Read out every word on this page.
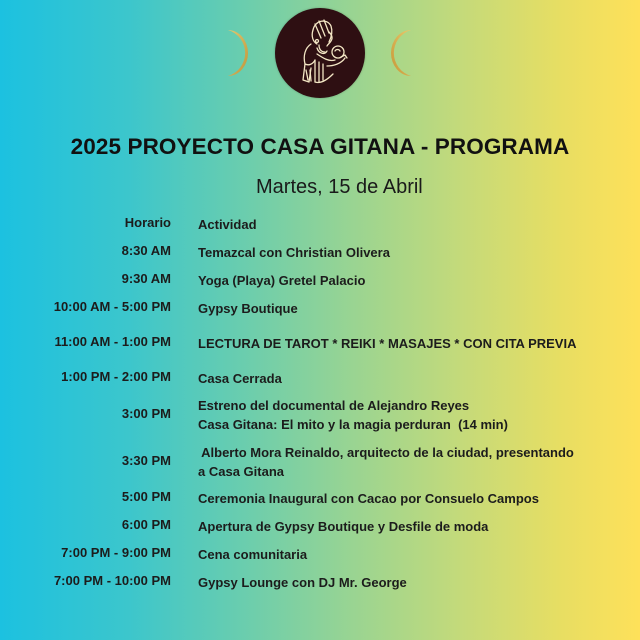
2025 PROYECTO CASA GITANA - PROGRAMA
Martes, 15 de Abril
Horario Actividad
8:30 AM Temazcal con Christian Olivera
9:30 AM Yoga (Playa) Gretel Palacio
10:00 AM - 5:00 PM Gypsy Boutique
11:00 AM - 1:00 PM LECTURA DE TAROT * REIKI * MASAJES * CON CITA PREVIA
1:00 PM - 2:00 PM Casa Cerrada
3:00 PM
Estreno del documental de Alejandro Reyes
Casa Gitana: El mito y la magia perduran  (14 min)
3:30 PM
Alberto Mora Reinaldo, arquitecto de la ciudad, presentando
a Casa Gitana
5:00 PM Ceremonia Inaugural con Cacao por Consuelo Campos
6:00 PM Apertura de Gypsy Boutique y Desfile de moda
7:00 PM - 9:00 PM Cena comunitaria
7:00 PM - 10:00 PM Gypsy Lounge con DJ Mr. George
